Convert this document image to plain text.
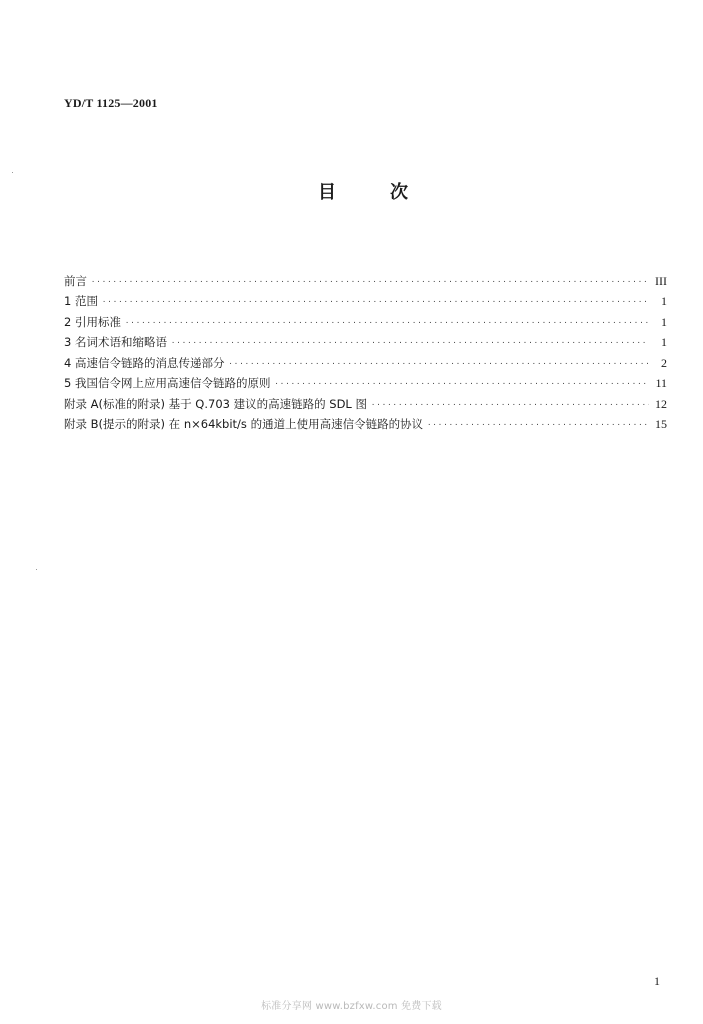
YD/T 1125—2001
目	次
前言 ·····	III
1 范围 ·····	1
2 引用标准 ·····	1
3 名词术语和缩略语 ·····	1
4 高速信令链路的消息传递部分 ·····	2
5 我国信令网上应用高速信令链路的原则 ·····	11
附录 A(标准的附录) 基于 Q.703 建议的高速链路的 SDL 图 ·····	12
附录 B(提示的附录) 在 n×64kbit/s 的通道上使用高速信令链路的协议 ·····	15
1
标准分享网 www.bzfxw.com 免费下载
